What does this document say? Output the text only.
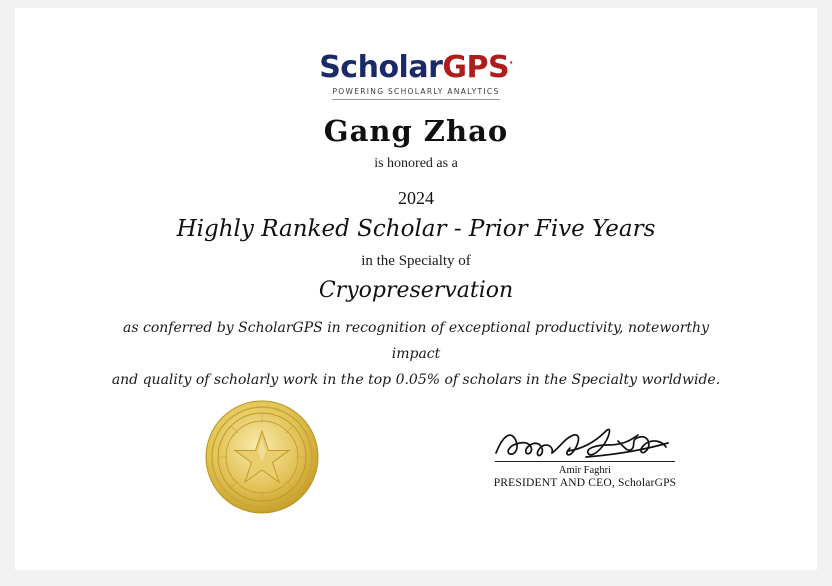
ScholarGPS·
POWERING SCHOLARLY ANALYTICS
Gang Zhao
is honored as a
2024
Highly Ranked Scholar - Prior Five Years
in the Specialty of
Cryopreservation
as conferred by ScholarGPS in recognition of exceptional productivity, noteworthy impact
and quality of scholarly work in the top 0.05% of scholars in the Specialty worldwide.
Amir Faghri
PRESIDENT AND CEO, ScholarGPS
